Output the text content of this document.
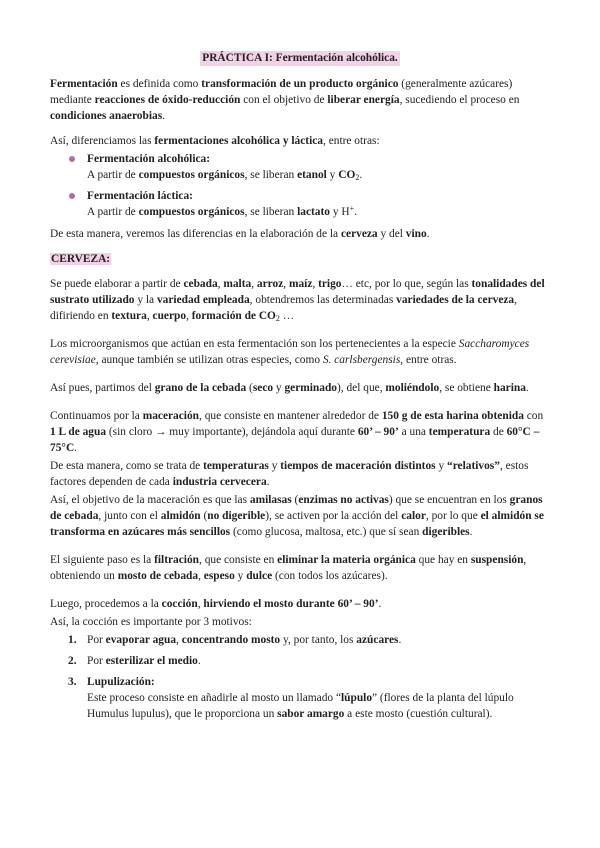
PRÁCTICA I: Fermentación alcohólica.

Fermentación es definida como transformación de un producto orgánico (generalmente azúcares) mediante reacciones de óxido-reducción con el objetivo de liberar energía, sucediendo el proceso en condiciones anaerobias.

Así, diferenciamos las fermentaciones alcohólica y láctica, entre otras:

Fermentación alcohólica:

A partir de compuestos orgánicos, se liberan etanol y $CO_2$.

Fermentación láctica:

A partir de compuestos orgánicos, se liberan lactato y H+.

De esta manera, veremos las diferencias en la elaboración de la cerveza y del vino.

CERVEZA:

Se puede elaborar a partir de cebada, malta, arroz, maíz, trigo… etc, por lo que, según las tonalidades del sustrato utilizado y la variedad empleada, obtendremos las determinadas variedades de la cerveza, difiriendo en textura, cuerpo, formación de $CO_2$ …

Los microorganismos que actúan en esta fermentación son los pertenecientes a la especie Saccharomyces cerevisiae, aunque también se utilizan otras especies, como S. carlsbergensis, entre otras.

Así pues, partimos del grano de la cebada (seco y germinado), del que, moliéndolo, se obtiene harina.

Continuamos por la maceración, que consiste en mantener alrededor de 150 g de esta harina obtenida con 1 L de agua (sin cloro → muy importante), dejándola aquí durante 60’ – 90’ a una temperatura de 60°C – 75°C.

De esta manera, como se trata de temperaturas y tiempos de maceración distintos y “relativos”, estos factores dependen de cada industria cervecera.

Así, el objetivo de la maceración es que las amilasas (enzimas no activas) que se encuentran en los granos de cebada, junto con el almidón (no digerible), se activen por la acción del calor, por lo que el almidón se transforma en azúcares más sencillos (como glucosa, maltosa, etc.) que sí sean digeribles.

El siguiente paso es la filtración, que consiste en eliminar la materia orgánica que hay en suspensión, obteniendo un mosto de cebada, espeso y dulce (con todos los azúcares).

Luego, procedemos a la cocción, hirviendo el mosto durante 60’ – 90’.

Así, la cocción es importante por 3 motivos:

1. Por evaporar agua, concentrando mosto y, por tanto, los azúcares.
2. Por esterilizar el medio.
3. Lupulización:

Este proceso consiste en añadirle al mosto un llamado “lúpulo” (flores de la planta del lúpulo Humulus lupulus), que le proporciona un sabor amargo a este mosto (cuestión cultural).
